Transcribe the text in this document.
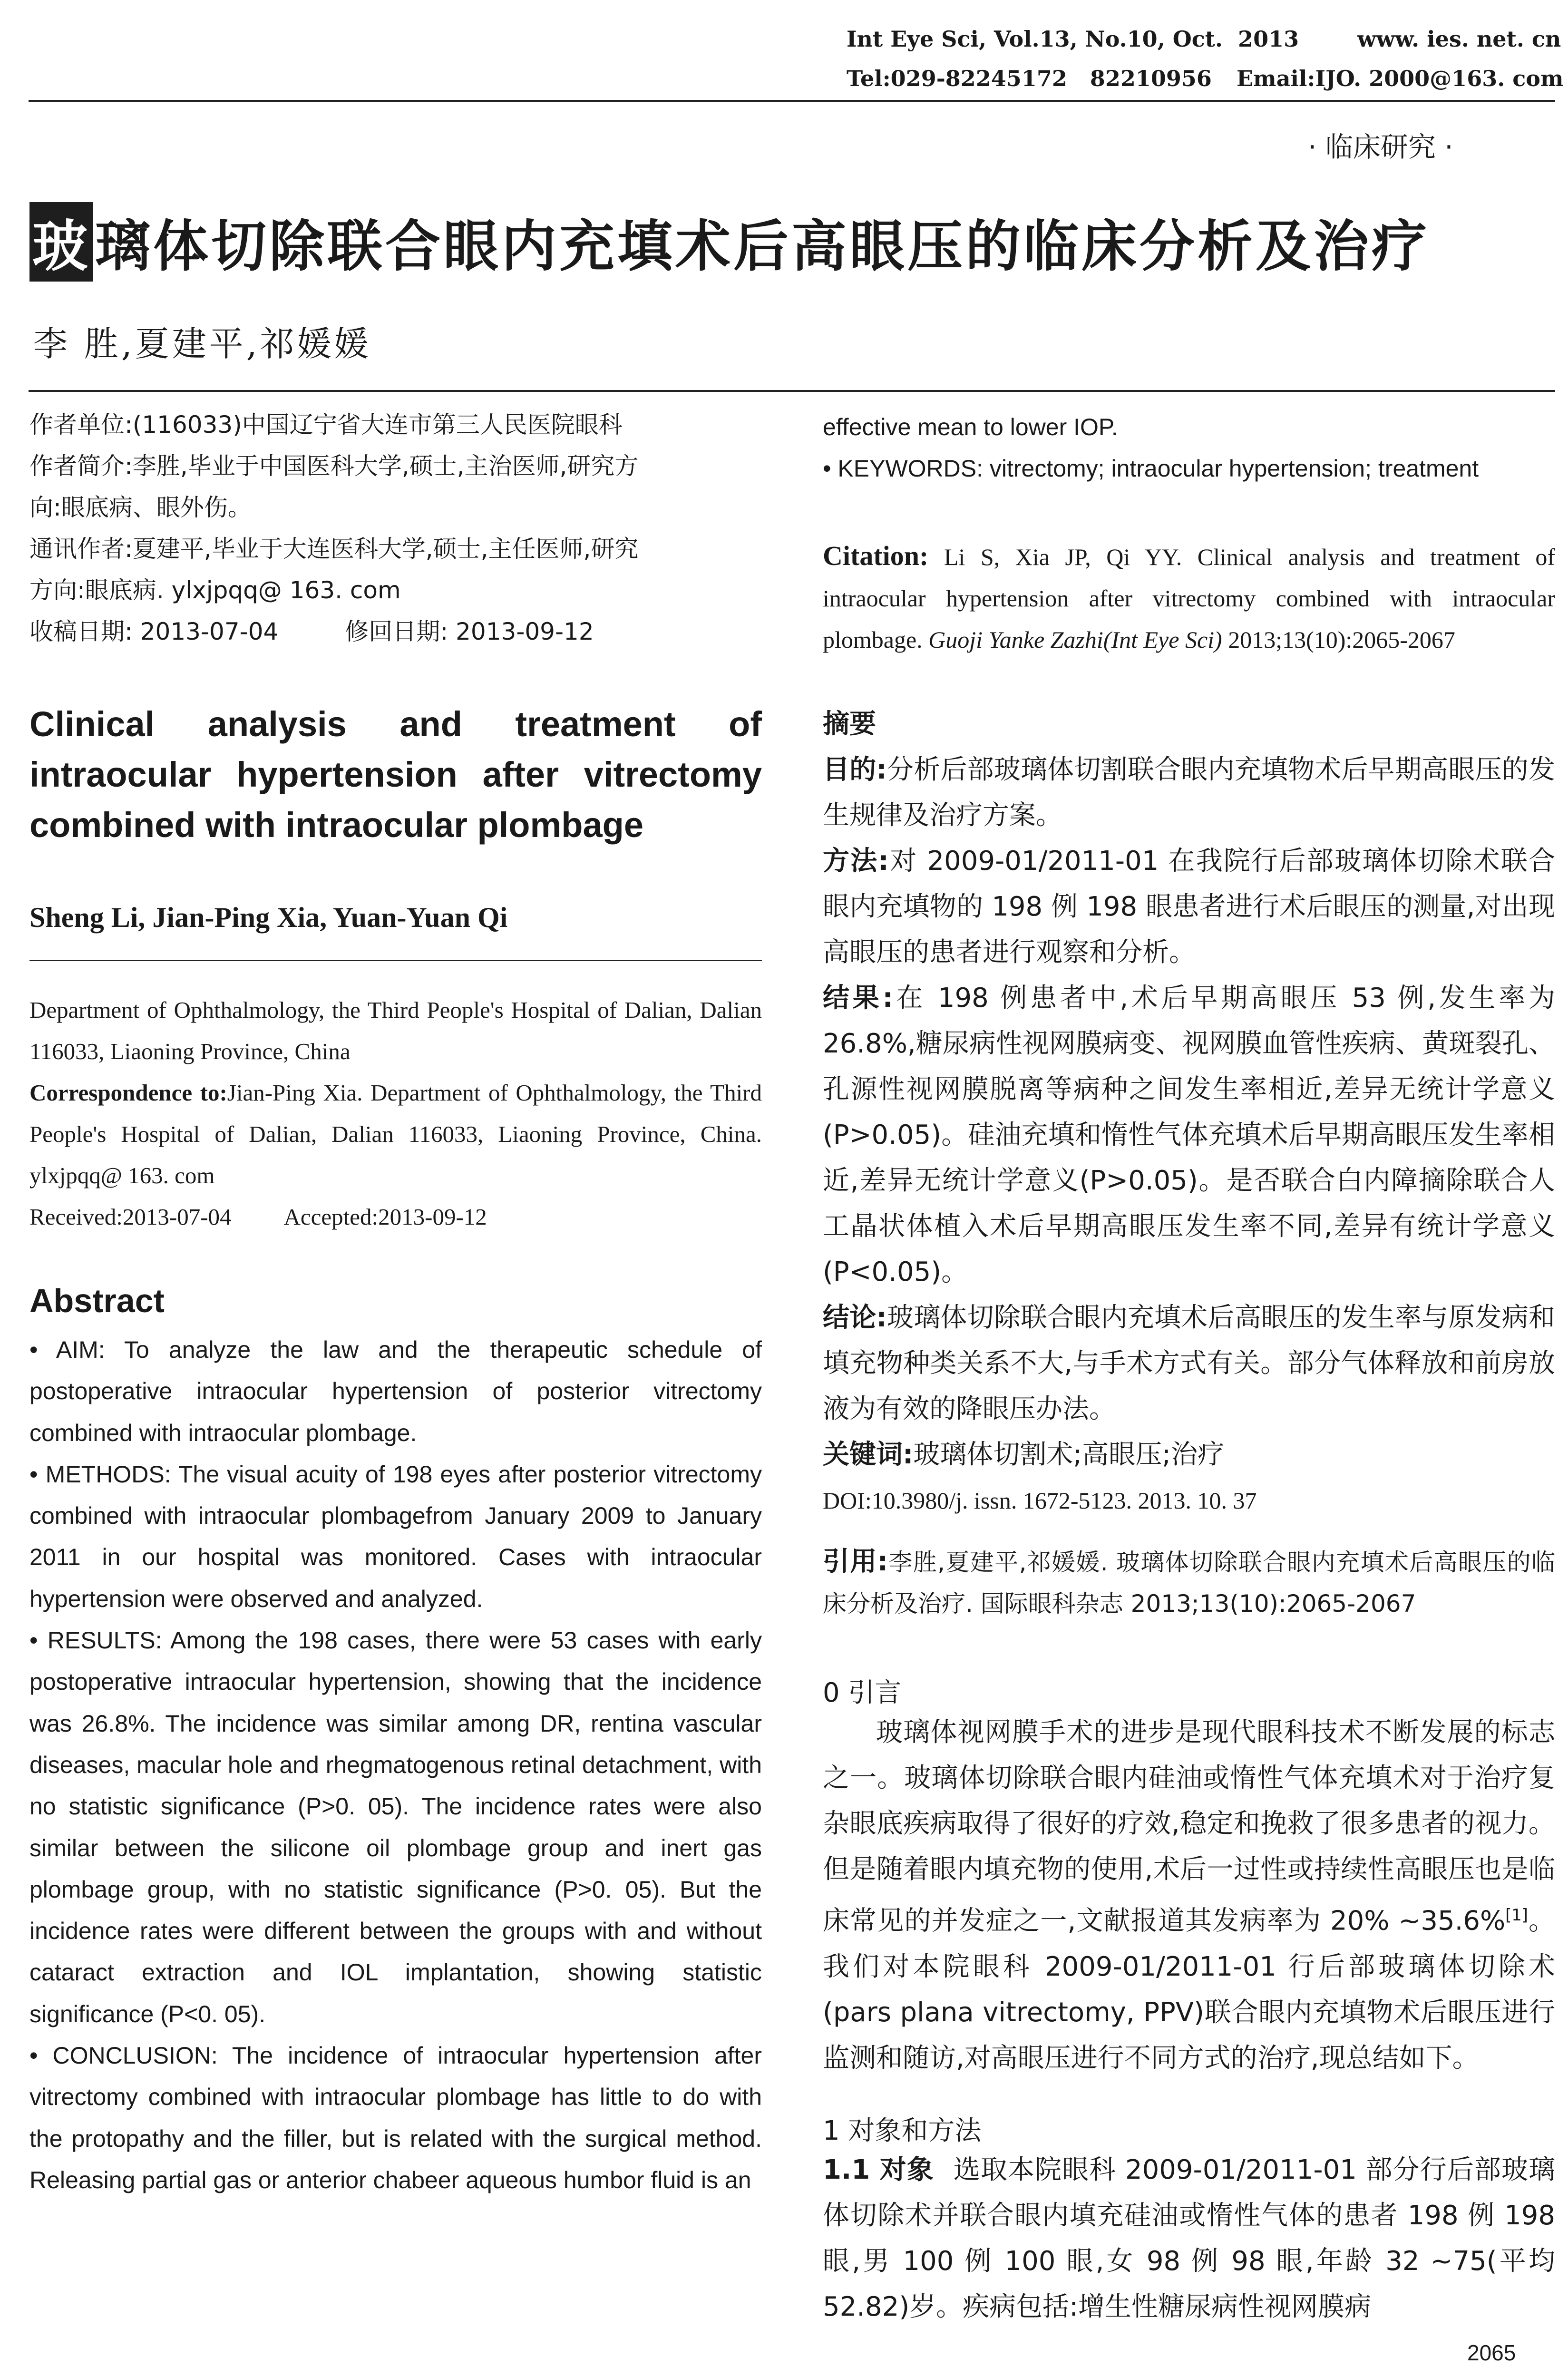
Int Eye Sci, Vol.13, No.10, Oct.  2013	www. ies. net. cn
Tel:029-82245172   82210956 Email:IJO. 2000@163. com
· 临床研究 ·
玻璃体切除联合眼内充填术后高眼压的临床分析及治疗
李 胜,夏建平,祁媛媛
作者单位:(116033)中国辽宁省大连市第三人民医院眼科
作者简介:李胜,毕业于中国医科大学,硕士,主治医师,研究方
向:眼底病、眼外伤。
通讯作者:夏建平,毕业于大连医科大学,硕士,主任医师,研究
方向:眼底病. ylxjpqq@ 163. com
收稿日期: 2013-07-04	修回日期: 2013-09-12
Clinical analysis and treatment of intraocular hypertension after vitrectomy combined with intraocular plombage
Sheng Li, Jian-Ping Xia, Yuan-Yuan Qi
Department of Ophthalmology, the Third People's Hospital of Dalian, Dalian 116033, Liaoning Province, China
Correspondence to:Jian-Ping Xia. Department of Ophthalmology, the Third People's Hospital of Dalian, Dalian 116033, Liaoning Province, China. ylxjpqq@ 163. com
Received:2013-07-04 Accepted:2013-09-12
Abstract

• AIM: To analyze the law and the therapeutic schedule of postoperative intraocular hypertension of posterior vitrectomy combined with intraocular plombage.

• METHODS: The visual acuity of 198 eyes after posterior vitrectomy combined with intraocular plombagefrom January 2009 to January 2011 in our hospital was monitored. Cases with intraocular hypertension were observed and analyzed.

• RESULTS: Among the 198 cases, there were 53 cases with early postoperative intraocular hypertension, showing that the incidence was 26.8%. The incidence was similar among DR, rentina vascular diseases, macular hole and rhegmatogenous retinal detachment, with no statistic significance (P>0. 05). The incidence rates were also similar between the silicone oil plombage group and inert gas plombage group, with no statistic significance (P>0. 05). But the incidence rates were different between the groups with and without cataract extraction and IOL implantation, showing statistic significance (P<0. 05).

• CONCLUSION: The incidence of intraocular hypertension after vitrectomy combined with intraocular plombage has little to do with the protopathy and the filler, but is related with the surgical method. Releasing partial gas or anterior chabeer aqueous humbor fluid is an

effective mean to lower IOP.

• KEYWORDS: vitrectomy; intraocular hypertension; treatment

Citation: Li S, Xia JP, Qi YY. Clinical analysis and treatment of intraocular hypertension after vitrectomy combined with intraocular plombage. Guoji Yanke Zazhi(Int Eye Sci) 2013;13(10):2065-2067

摘要

目的:分析后部玻璃体切割联合眼内充填物术后早期高眼压的发生规律及治疗方案。

方法:对 2009-01/2011-01 在我院行后部玻璃体切除术联合眼内充填物的 198 例 198 眼患者进行术后眼压的测量,对出现高眼压的患者进行观察和分析。

结果:在 198 例患者中,术后早期高眼压 53 例,发生率为 26.8%,糖尿病性视网膜病变、视网膜血管性疾病、黄斑裂孔、孔源性视网膜脱离等病种之间发生率相近,差异无统计学意义(P>0.05)。硅油充填和惰性气体充填术后早期高眼压发生率相近,差异无统计学意义(P>0.05)。是否联合白内障摘除联合人工晶状体植入术后早期高眼压发生率不同,差异有统计学意义(P<0.05)。

结论:玻璃体切除联合眼内充填术后高眼压的发生率与原发病和填充物种类关系不大,与手术方式有关。部分气体释放和前房放液为有效的降眼压办法。

关键词:玻璃体切割术;高眼压;治疗

DOI:10.3980/j. issn. 1672-5123. 2013. 10. 37

引用:李胜,夏建平,祁媛媛. 玻璃体切除联合眼内充填术后高眼压的临床分析及治疗. 国际眼科杂志 2013;13(10):2065-2067
0 引言

玻璃体视网膜手术的进步是现代眼科技术不断发展的标志之一。玻璃体切除联合眼内硅油或惰性气体充填术对于治疗复杂眼底疾病取得了很好的疗效,稳定和挽救了很多患者的视力。但是随着眼内填充物的使用,术后一过性或持续性高眼压也是临床常见的并发症之一,文献报道其发病率为 20% ~35.6%[1]。我们对本院眼科 2009-01/2011-01 行后部玻璃体切除术(pars plana vitrectomy, PPV)联合眼内充填物术后眼压进行监测和随访,对高眼压进行不同方式的治疗,现总结如下。

1 对象和方法

1.1 对象 选取本院眼科 2009-01/2011-01 部分行后部玻璃体切除术并联合眼内填充硅油或惰性气体的患者 198 例 198 眼,男 100 例 100 眼,女 98 例 98 眼,年龄 32 ~75(平均 52.82)岁。疾病包括:增生性糖尿病性视网膜病

2065
